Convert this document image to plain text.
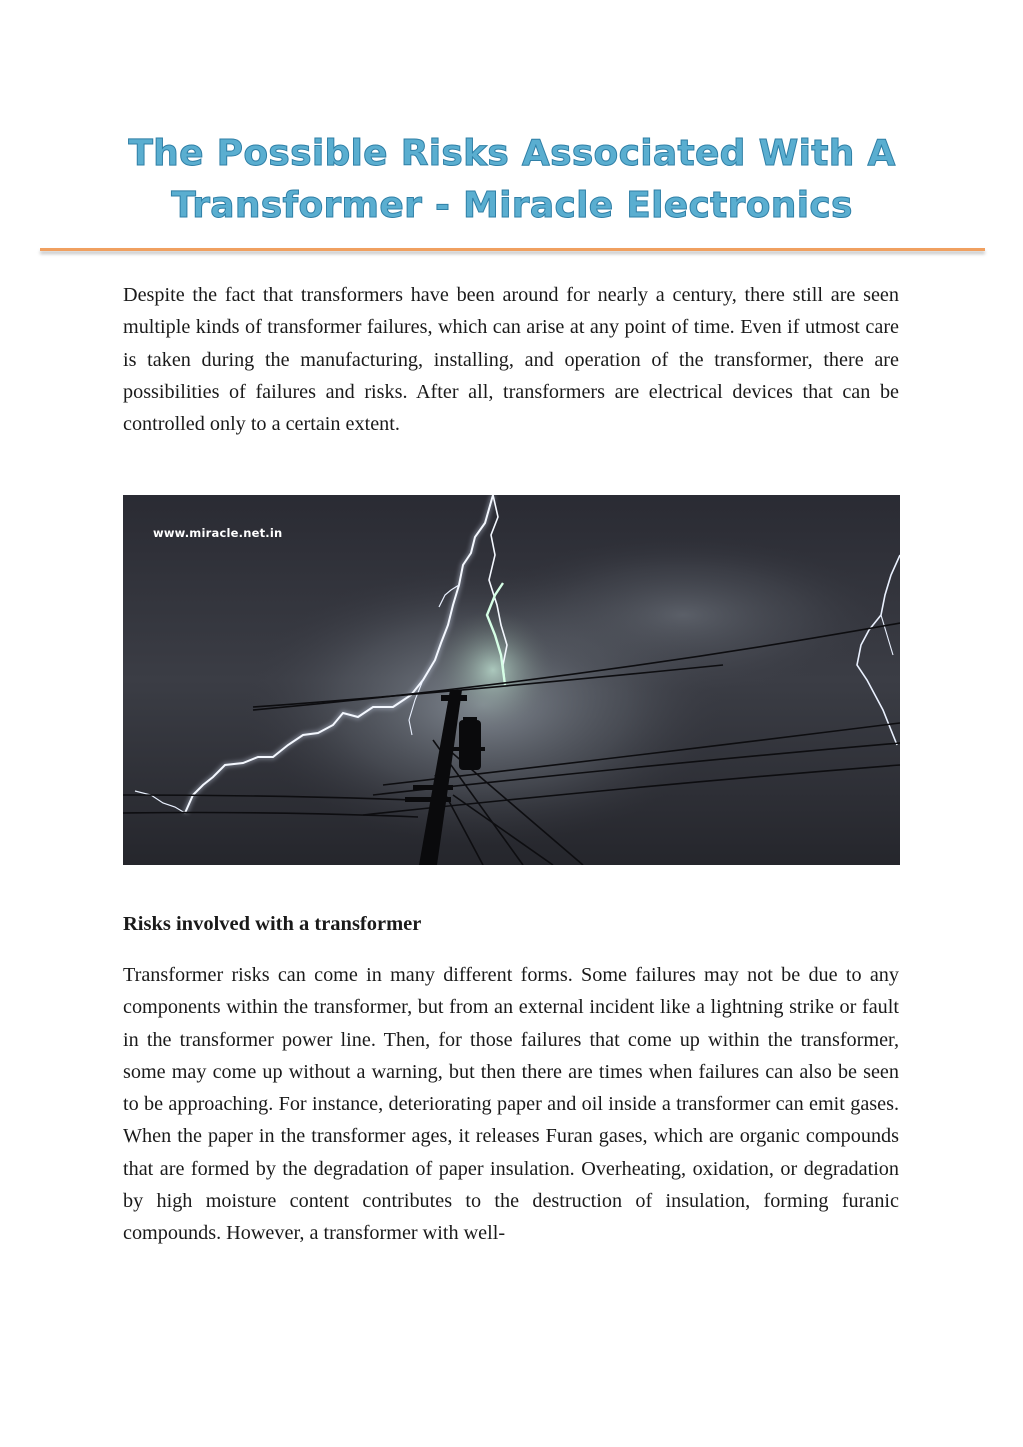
The Possible Risks Associated With A
Transformer - Miracle Electronics

Despite the fact that transformers have been around for nearly a century, there still are seen multiple kinds of transformer failures, which can arise at any point of time. Even if utmost care is taken during the manufacturing, installing, and operation of the transformer, there are possibilities of failures and risks. After all, transformers are electrical devices that can be controlled only to a certain extent.

www.miracle.net.in
Risks involved with a transformer

Transformer risks can come in many different forms. Some failures may not be due to any components within the transformer, but from an external incident like a lightning strike or fault in the transformer power line. Then, for those failures that come up within the transformer, some may come up without a warning, but then there are times when failures can also be seen to be approaching. For instance, deteriorating paper and oil inside a transformer can emit gases. When the paper in the transformer ages, it releases Furan gases, which are organic compounds that are formed by the degradation of paper insulation. Overheating, oxidation, or degradation by high moisture content contributes to the destruction of insulation, forming furanic compounds. However, a transformer with well-
